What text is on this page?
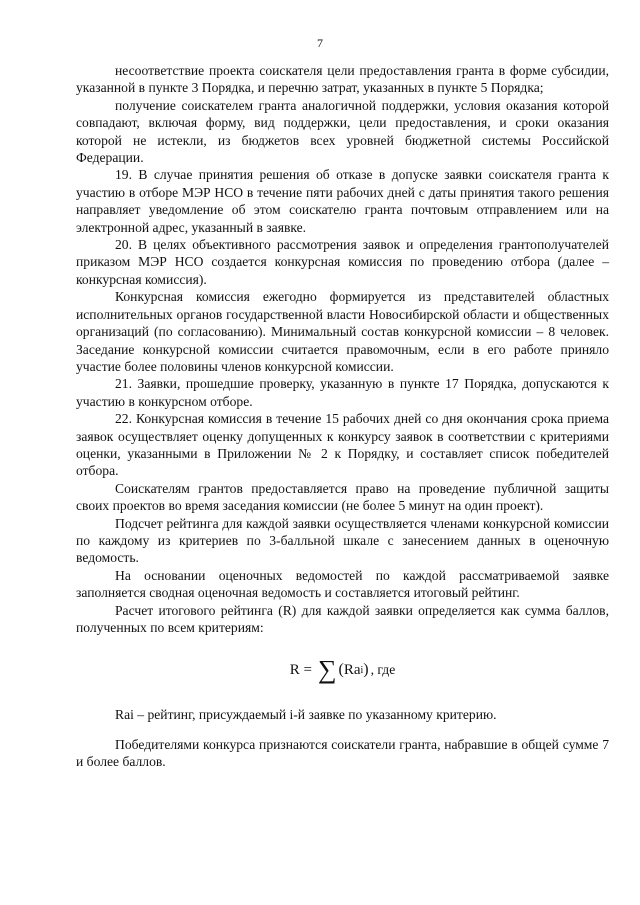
7

несоответствие проекта соискателя цели предоставления гранта в форме субсидии, указанной в пункте 3 Порядка, и перечню затрат, указанных в пункте 5 Порядка;

получение соискателем гранта аналогичной поддержки, условия оказания которой совпадают, включая форму, вид поддержки, цели предоставления, и сроки оказания которой не истекли, из бюджетов всех уровней бюджетной системы Российской Федерации.

19. В случае принятия решения об отказе в допуске заявки соискателя гранта к участию в отборе МЭР НСО в течение пяти рабочих дней с даты принятия такого решения направляет уведомление об этом соискателю гранта почтовым отправлением или на электронной адрес, указанный в заявке.

20. В целях объективного рассмотрения заявок и определения грантополучателей приказом МЭР НСО создается конкурсная комиссия по проведению отбора (далее – конкурсная комиссия).

Конкурсная комиссия ежегодно формируется из представителей областных исполнительных органов государственной власти Новосибирской области и общественных организаций (по согласованию). Минимальный состав конкурсной комиссии – 8 человек. Заседание конкурсной комиссии считается правомочным, если в его работе приняло участие более половины членов конкурсной комиссии.

21. Заявки, прошедшие проверку, указанную в пункте 17 Порядка, допускаются к участию в конкурсном отборе.

22. Конкурсная комиссия в течение 15 рабочих дней со дня окончания срока приема заявок осуществляет оценку допущенных к конкурсу заявок в соответствии с критериями оценки, указанными в Приложении № 2 к Порядку, и составляет список победителей отбора.

Соискателям грантов предоставляется право на проведение публичной защиты своих проектов во время заседания комиссии (не более 5 минут на один проект).

Подсчет рейтинга для каждой заявки осуществляется членами конкурсной комиссии по каждому из критериев по 3-балльной шкале с занесением данных в оценочную ведомость.

На основании оценочных ведомостей по каждой рассматриваемой заявке заполняется сводная оценочная ведомость и составляется итоговый рейтинг.

Расчет итогового рейтинга (R) для каждой заявки определяется как сумма баллов, полученных по всем критериям:

R = ∑ ( Ra i ) , где

Rai – рейтинг, присуждаемый i-й заявке по указанному критерию.

Победителями конкурса признаются соискатели гранта, набравшие в общей сумме 7 и более баллов.
